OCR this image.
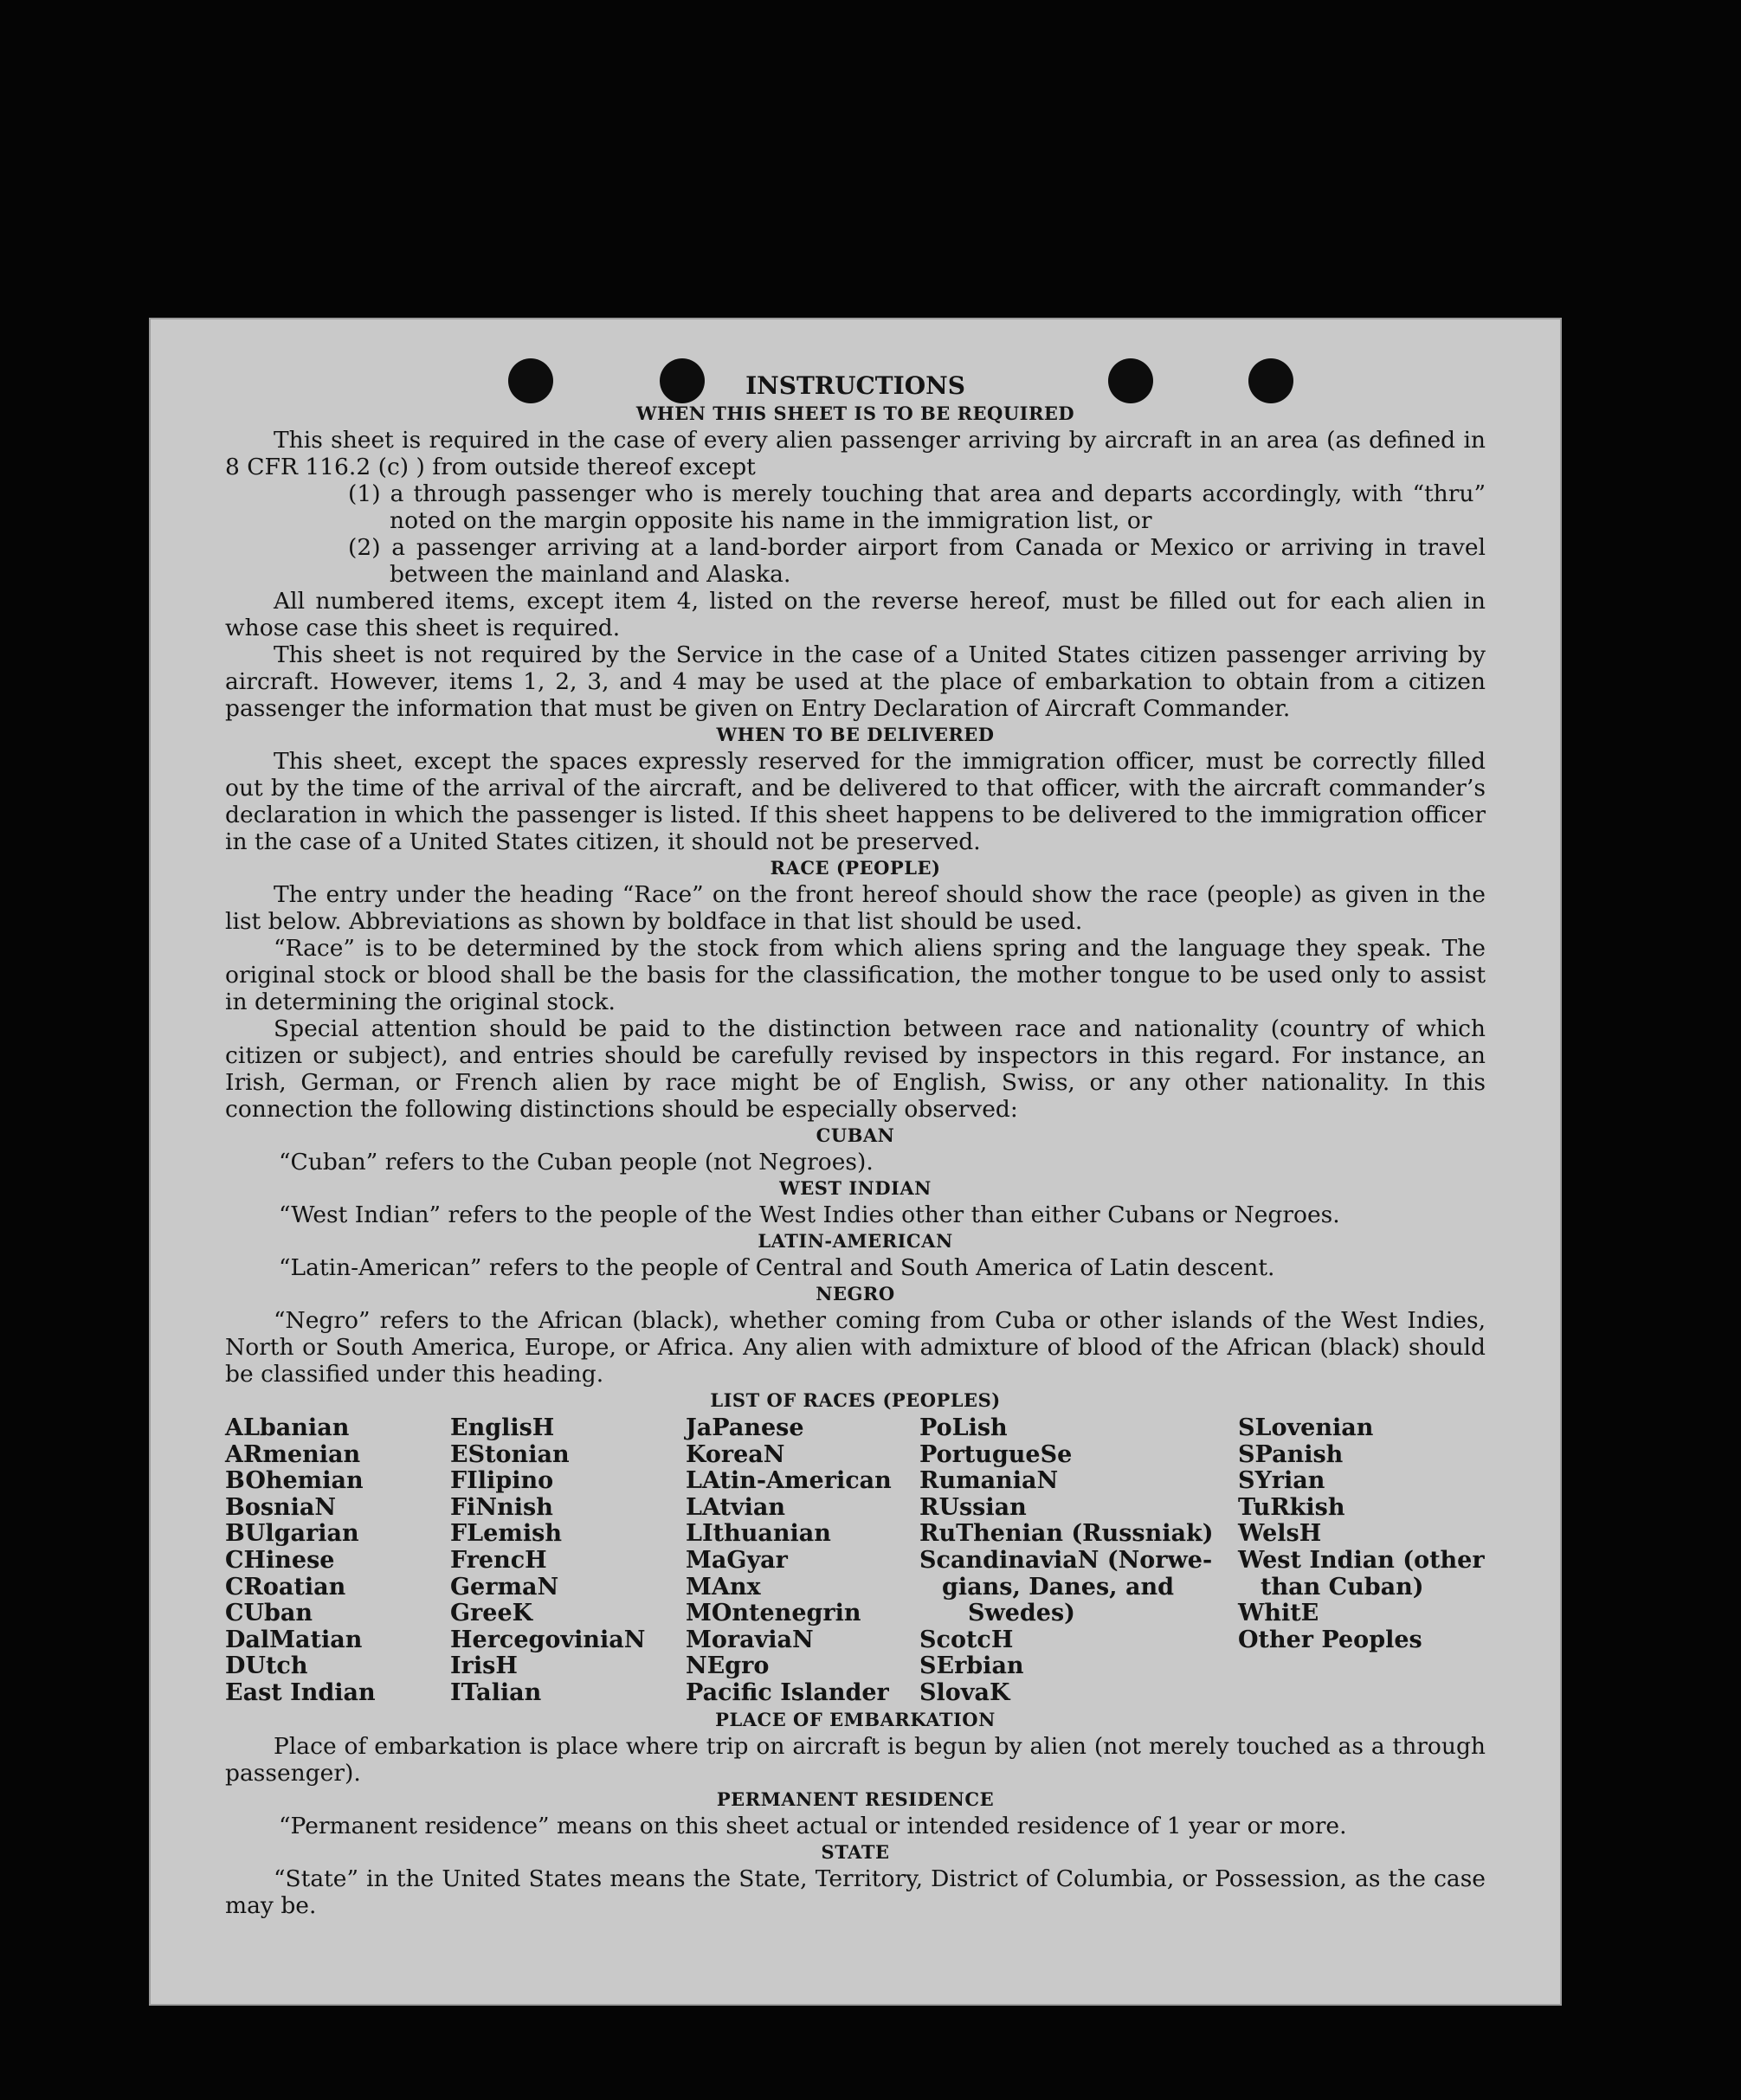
INSTRUCTIONS

WHEN THIS SHEET IS TO BE REQUIRED

This sheet is required in the case of every alien passenger arriving by aircraft in an area (as defined in 8 CFR 116.2 (c) ) from outside thereof except

(1) a through passenger who is merely touching that area and departs accordingly, with “thru” noted on the margin opposite his name in the immigration list, or

(2) a passenger arriving at a land-border airport from Canada or Mexico or arriving in travel between the mainland and Alaska.

All numbered items, except item 4, listed on the reverse hereof, must be filled out for each alien in whose case this sheet is required.

This sheet is not required by the Service in the case of a United States citizen passenger arriving by aircraft. However, items 1, 2, 3, and 4 may be used at the place of embarkation to obtain from a citizen passenger the information that must be given on Entry Declaration of Aircraft Commander.

WHEN TO BE DELIVERED

This sheet, except the spaces expressly reserved for the immigration officer, must be correctly filled out by the time of the arrival of the aircraft, and be delivered to that officer, with the aircraft commander’s declaration in which the passenger is listed. If this sheet happens to be delivered to the immigration officer in the case of a United States citizen, it should not be preserved.

RACE (PEOPLE)

The entry under the heading “Race” on the front hereof should show the race (people) as given in the list below. Abbreviations as shown by boldface in that list should be used.

“Race” is to be determined by the stock from which aliens spring and the language they speak. The original stock or blood shall be the basis for the classification, the mother tongue to be used only to assist in determining the original stock.

Special attention should be paid to the distinction between race and nationality (country of which citizen or subject), and entries should be carefully revised by inspectors in this regard. For instance, an Irish, German, or French alien by race might be of English, Swiss, or any other nationality. In this connection the following distinctions should be especially observed:

CUBAN

“Cuban” refers to the Cuban people (not Negroes).

WEST INDIAN

“West Indian” refers to the people of the West Indies other than either Cubans or Negroes.

LATIN-AMERICAN

“Latin-American” refers to the people of Central and South America of Latin descent.

NEGRO

“Negro” refers to the African (black), whether coming from Cuba or other islands of the West Indies, North or South America, Europe, or Africa. Any alien with admixture of blood of the African (black) should be classified under this heading.

LIST OF RACES (PEOPLES)

ALbanian
ARmenian
BOhemian
BosniaN
BUlgarian
CHinese
CRoatian
CUban
DalMatian
DUtch
East Indian
EnglisH
EStonian
FIlipino
FiNnish
FLemish
FrencH
GermaN
GreeK
HercegoviniaN
IrisH
ITalian
JaPanese
KoreaN
LAtin-American
LAtvian
LIthuanian
MaGyar
MAnx
MOntenegrin
MoraviaN
NEgro
Pacific Islander
PoLish
PortugueSe
RumaniaN
RUssian
RuThenian (Russniak)
ScandinaviaN (Norwe-
gians, Danes, and
Swedes)
ScotcH
SErbian
SlovaK
SLovenian
SPanish
SYrian
TuRkish
WelsH
West Indian (other
than Cuban)
WhitE
Other Peoples

PLACE OF EMBARKATION

Place of embarkation is place where trip on aircraft is begun by alien (not merely touched as a through passenger).

PERMANENT RESIDENCE

“Permanent residence” means on this sheet actual or intended residence of 1 year or more.

STATE

“State” in the United States means the State, Territory, District of Columbia, or Possession, as the case may be.
